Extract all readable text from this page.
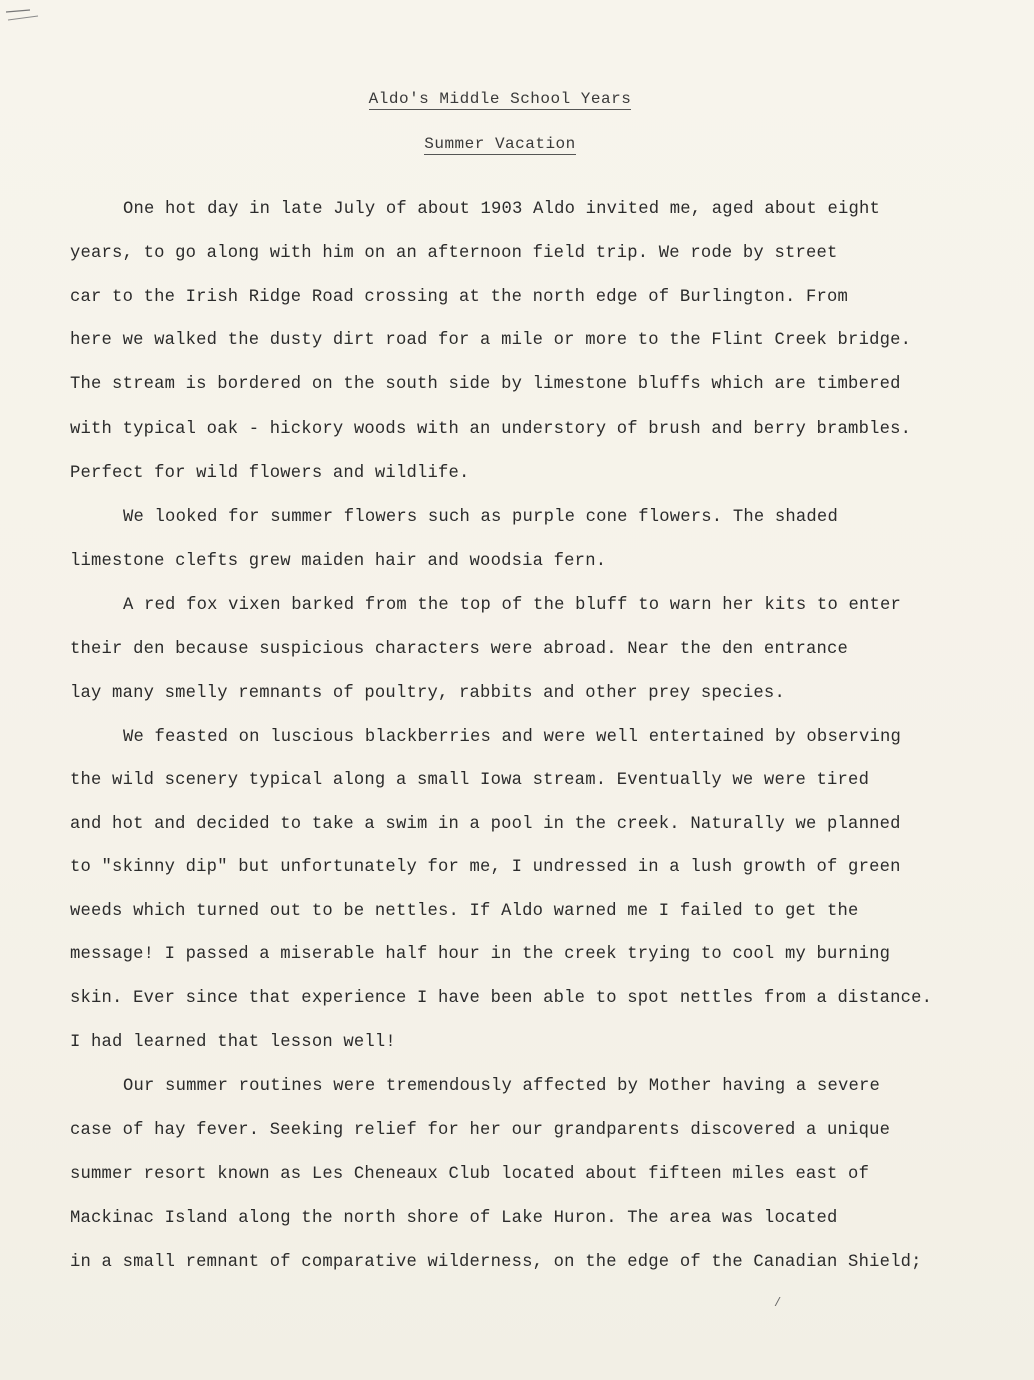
Aldo's Middle School Years
Summer Vacation
One hot day in late July of about 1903 Aldo invited me, aged about eight
years, to go along with him on an afternoon field trip. We rode by street
car to the Irish Ridge Road crossing at the north edge of Burlington. From
here we walked the dusty dirt road for a mile or more to the Flint Creek bridge.
The stream is bordered on the south side by limestone bluffs which are timbered
with typical oak - hickory woods with an understory of brush and berry brambles.
Perfect for wild flowers and wildlife.
We looked for summer flowers such as purple cone flowers. The shaded
limestone clefts grew maiden hair and woodsia fern.
A red fox vixen barked from the top of the bluff to warn her kits to enter
their den because suspicious characters were abroad. Near the den entrance
lay many smelly remnants of poultry, rabbits and other prey species.
We feasted on luscious blackberries and were well entertained by observing
the wild scenery typical along a small Iowa stream. Eventually we were tired
and hot and decided to take a swim in a pool in the creek. Naturally we planned
to "skinny dip" but unfortunately for me, I undressed in a lush growth of green
weeds which turned out to be nettles. If Aldo warned me I failed to get the
message! I passed a miserable half hour in the creek trying to cool my burning
skin. Ever since that experience I have been able to spot nettles from a distance.
I had learned that lesson well!
Our summer routines were tremendously affected by Mother having a severe
case of hay fever. Seeking relief for her our grandparents discovered a unique
summer resort known as Les Cheneaux Club located about fifteen miles east of
Mackinac Island along the north shore of Lake Huron. The area was located
in a small remnant of comparative wilderness, on the edge of the Canadian Shield;
/
